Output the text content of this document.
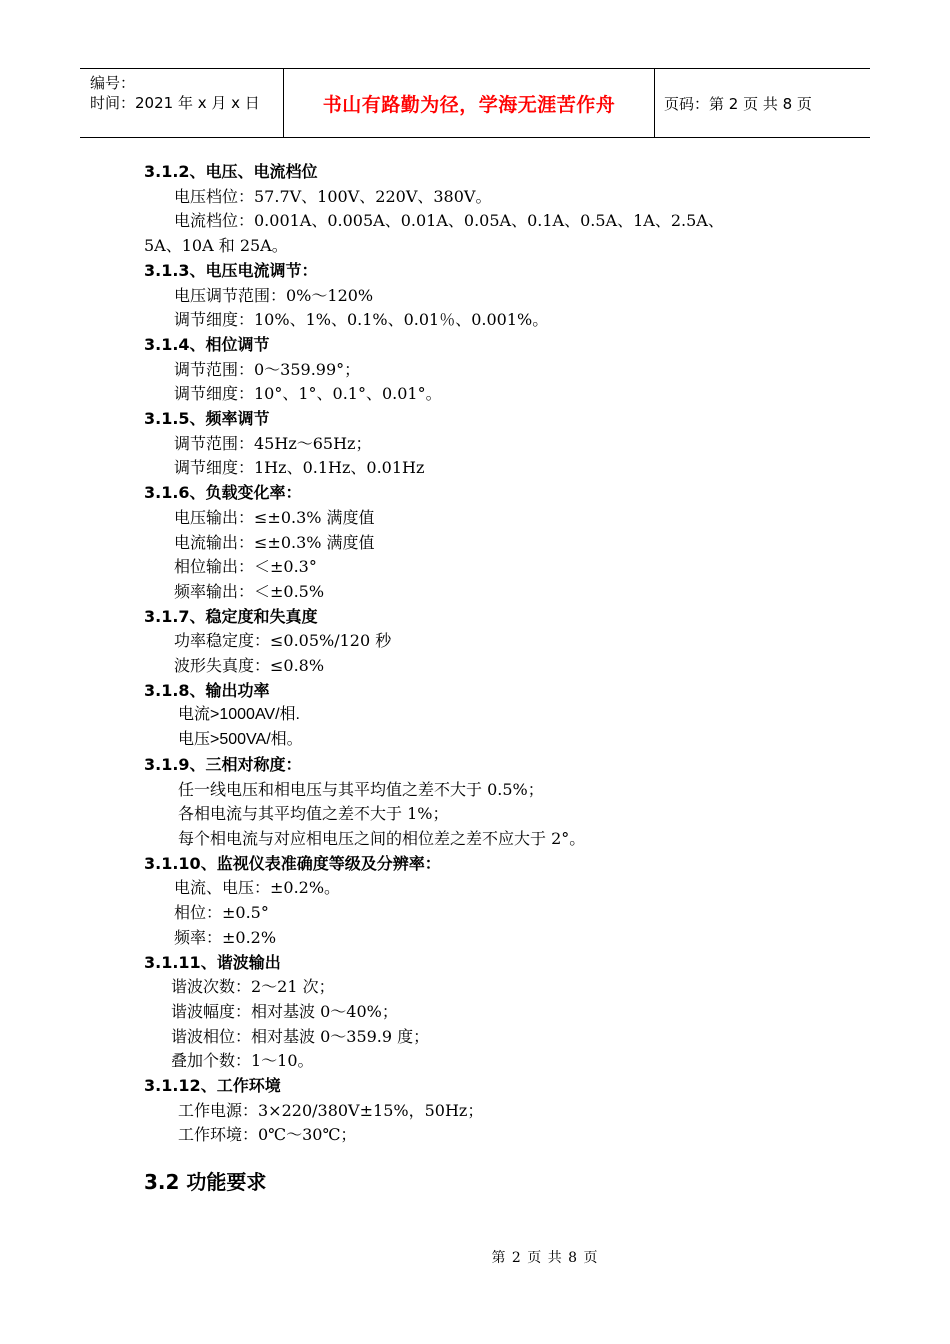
编号：
时间：2021 年 x 月 x 日	书山有路勤为径，学海无涯苦作舟	页码：第 2 页 共 8 页
3.1.2、电压、电流档位
电压档位：57.7V、100V、220V、380V。
电流档位：0.001A、0.005A、0.01A、0.05A、0.1A、0.5A、1A、2.5A、
5A、10A 和 25A。
3.1.3、电压电流调节：
电压调节范围：0%～120%
调节细度：10%、1%、0.1%、0.01％、0.001%。
3.1.4、相位调节
调节范围：0～359.99°；
调节细度：10°、1°、0.1°、0.01°。
3.1.5、频率调节
调节范围：45Hz～65Hz；
调节细度：1Hz、0.1Hz、0.01Hz
3.1.6、负载变化率：
电压输出：≤±0.3% 满度值
电流输出：≤±0.3% 满度值
相位输出：＜±0.3°
频率输出：＜±0.5%
3.1.7、稳定度和失真度
功率稳定度：≤0.05%/120 秒
波形失真度：≤0.8%
3.1.8、输出功率
电流>1000AV/相.
电压>500VA/相。
3.1.9、三相对称度：
任一线电压和相电压与其平均值之差不大于 0.5%；
各相电流与其平均值之差不大于 1%；
每个相电流与对应相电压之间的相位差之差不应大于 2°。
3.1.10、监视仪表准确度等级及分辨率：
电流、电压：±0.2%。
相位：±0.5°
频率：±0.2%
3.1.11、谐波输出
谐波次数：2～21 次；
谐波幅度：相对基波 0～40%；
谐波相位：相对基波 0～359.9 度；
叠加个数：1～10。
3.1.12、工作环境
工作电源：3×220/380V±15%，50Hz；
工作环境：0℃～30℃；
3.2 功能要求
第 2 页 共 8 页
